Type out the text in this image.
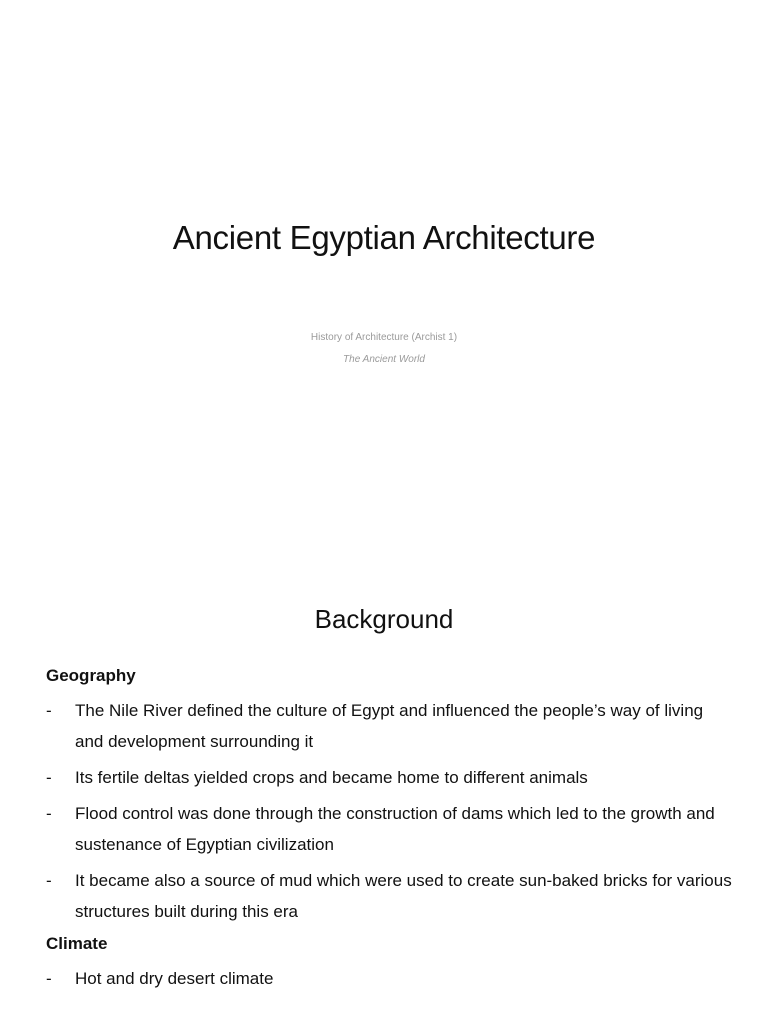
Ancient Egyptian Architecture
History of Architecture (Archist 1)
The Ancient World
Background
Geography
-	The Nile River defined the culture of Egypt and influenced the people’s way of living and development surrounding it
-	Its fertile deltas yielded crops and became home to different animals
-	Flood control was done through the construction of dams which led to the growth and sustenance of Egyptian civilization
-	It became also a source of mud which were used to create sun-baked bricks for various structures built during this era
Climate
-	Hot and dry desert climate
